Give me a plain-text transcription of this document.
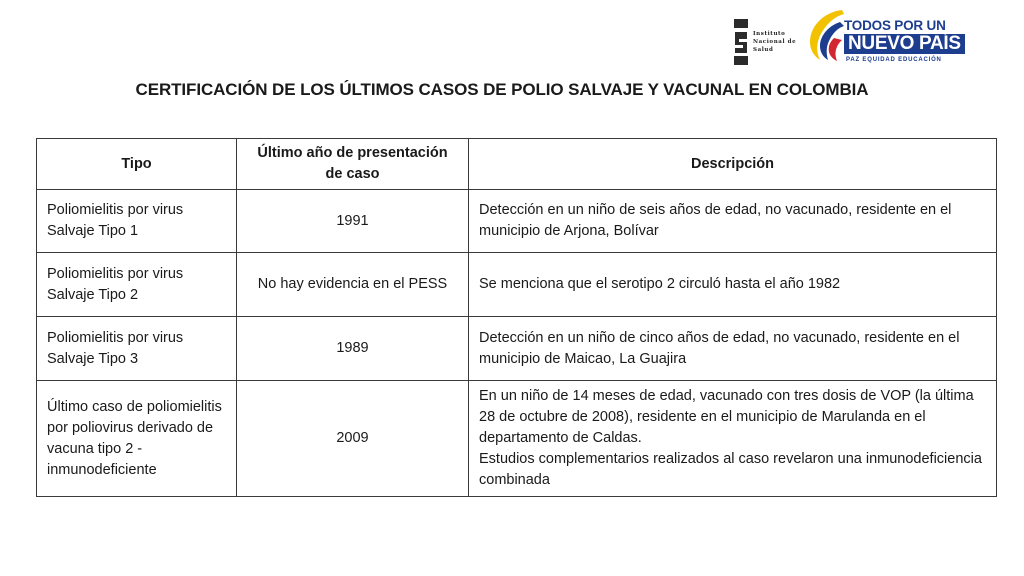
Instituto
Nacional de
Salud
TODOS POR UN
NUEVO PAÍS
PAZ EQUIDAD EDUCACIÓN
CERTIFICACIÓN DE LOS ÚLTIMOS CASOS DE POLIO SALVAJE Y VACUNAL EN COLOMBIA
Tipo	Último año de presentación de caso	Descripción
Poliomielitis por virus Salvaje Tipo 1	1991	Detección en un niño de seis años de edad, no vacunado, residente en el municipio de Arjona, Bolívar

Poliomielitis por virus Salvaje Tipo 2	No hay evidencia en el PESS	Se menciona que el serotipo 2 circuló hasta el año 1982

Poliomielitis por virus Salvaje Tipo 3	1989	Detección en un niño de cinco años de edad, no vacunado, residente en el municipio de Maicao, La Guajira

Último caso de poliomielitis por poliovirus derivado de vacuna tipo 2 - inmunodeficiente	2009	En un niño de 14 meses de edad, vacunado con tres dosis de VOP (la última 28 de octubre de 2008), residente en el municipio de Marulanda en el departamento de Caldas.
Estudios complementarios realizados al caso revelaron una inmunodeficiencia combinada
